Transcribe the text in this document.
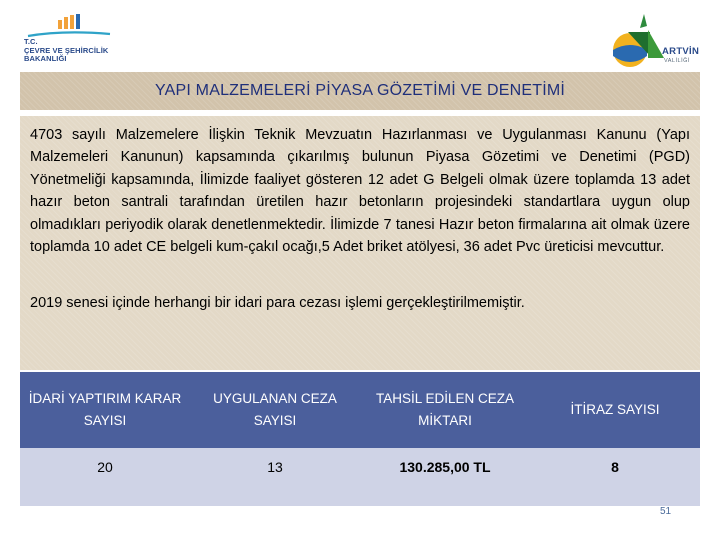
T.C.
ÇEVRE VE ŞEHİRCİLİK
BAKANLIĞI
ARTVİN
VALİLİĞİ
YAPI MALZEMELERİ PİYASA GÖZETİMİ VE DENETİMİ

4703 sayılı Malzemelere İlişkin Teknik Mevzuatın Hazırlanması ve Uygulanması Kanunu (Yapı Malzemeleri Kanunun) kapsamında çıkarılmış bulunun Piyasa Gözetimi ve Denetimi (PGD) Yönetmeliği kapsamında, İlimizde faaliyet gösteren 12 adet G Belgeli olmak üzere toplamda 13 adet hazır beton santrali tarafından üretilen hazır betonların projesindeki standartlara uygun olup olmadıkları periyodik olarak denetlenmektedir. İlimizde 7 tanesi Hazır beton firmalarına ait olmak üzere toplamda 10 adet CE belgeli kum-çakıl ocağı,5 Adet briket atölyesi, 36 adet Pvc üreticisi mevcuttur.

2019 senesi içinde herhangi bir idari para cezası işlemi gerçekleştirilmemiştir.

İDARİ YAPTIRIM KARAR SAYISI	UYGULANAN CEZA SAYISI	TAHSİL EDİLEN CEZA MİKTARI	İTİRAZ SAYISI
20	13	130.285,00 TL	8
51
